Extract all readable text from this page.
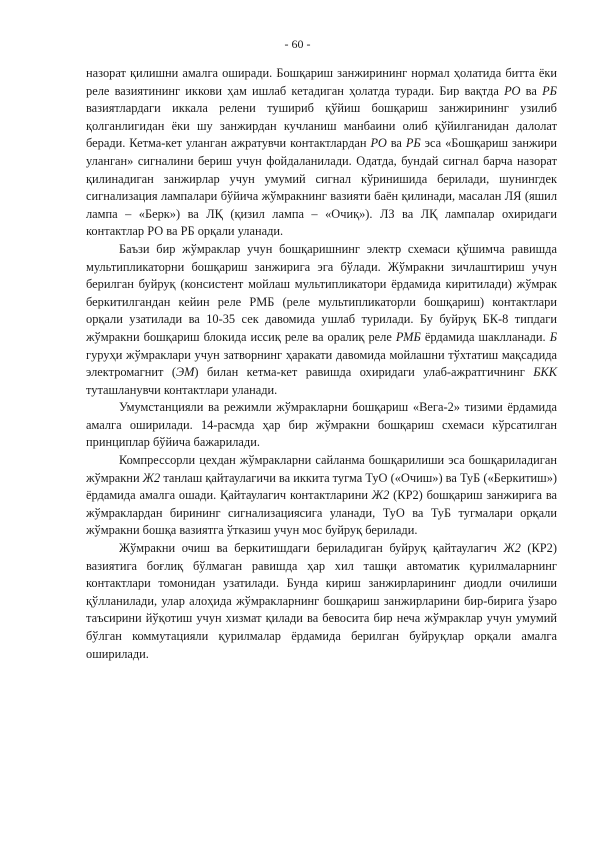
- 60 -

назорат қилишни амалга оширади. Бошқариш занжирининг нормал ҳолатида битта ёки реле вазиятининг иккови ҳам ишлаб кетадиган ҳолатда туради. Бир вақтда РО ва РБ вазиятлардаги иккала релени тушириб қўйиш бошқариш занжирининг узилиб қолганлигидан ёки шу занжирдан кучланиш манбаини олиб қўйилганидан далолат беради. Кетма-кет уланган ажратувчи контактлардан РО ва РБ эса «Бошқариш занжири уланган» сигналини бериш учун фойдаланилади. Одатда, бундай сигнал барча назорат қилинадиган занжирлар учун умумий сигнал кўринишида берилади, шунингдек сигнализация лампалари бўйича жўмракнинг вазияти баён қилинади, масалан ЛЯ (яшил лампа – «Берк») ва ЛҚ (қизил лампа – «Очиқ»). ЛЗ ва ЛҚ лампалар охиридаги контактлар РО ва РБ орқали уланади.

Баъзи бир жўмраклар учун бошқаришнинг электр схемаси қўшимча равишда мультипликаторни бошқариш занжирига эга бўлади. Жўмракни зичлаштириш учун берилган буйруқ (консистент мойлаш мультипликатори ёрдамида киритилади) жўмрак беркитилгандан кейин реле РМБ (реле мультипликаторли бошқариш) контактлари орқали узатилади ва 10-35 сек давомида ушлаб турилади. Бу буйруқ БК-8 типдаги жўмракни бошқариш блокида иссиқ реле ва оралиқ реле РМБ ёрдамида шаклланади. Б гуруҳи жўмраклари учун затворнинг ҳаракати давомида мойлашни тўхтатиш мақсадида электромагнит (ЭМ) билан кетма-кет равишда охиридаги улаб-ажратгичнинг БКК туташланувчи контактлари уланади.

Умумстанцияли ва режимли жўмракларни бошқариш «Вега-2» тизими ёрдамида амалга оширилади. 14-расмда ҳар бир жўмракни бошқариш схемаси кўрсатилган принциплар бўйича бажарилади.

Компрессорли цехдан жўмракларни сайланма бошқарилиши эса бошқариладиган жўмракни Ж2 танлаш қайтаулагичи ва иккита тугма ТуО («Очиш») ва ТуБ («Беркитиш») ёрдамида амалга ошади. Қайтаулагич контактларини Ж2 (КР2) бошқариш занжирига ва жўмраклардан бирининг сигнализациясига уланади, ТуО ва ТуБ тугмалари орқали жўмракни бошқа вазиятга ўтказиш учун мос буйруқ берилади.

Жўмракни очиш ва беркитишдаги бериладиган буйруқ қайтаулагич Ж2 (КР2) вазиятига боғлиқ бўлмаган равишда ҳар хил ташқи автоматик қурилмаларнинг контактлари томонидан узатилади. Бунда кириш занжирларининг диодли очилиши қўлланилади, улар алоҳида жўмракларнинг бошқариш занжирларини бир-бирига ўзаро таъсирини йўқотиш учун хизмат қилади ва бевосита бир неча жўмраклар учун умумий бўлган коммутацияли қурилмалар ёрдамида берилган буйруқлар орқали амалга оширилади.
